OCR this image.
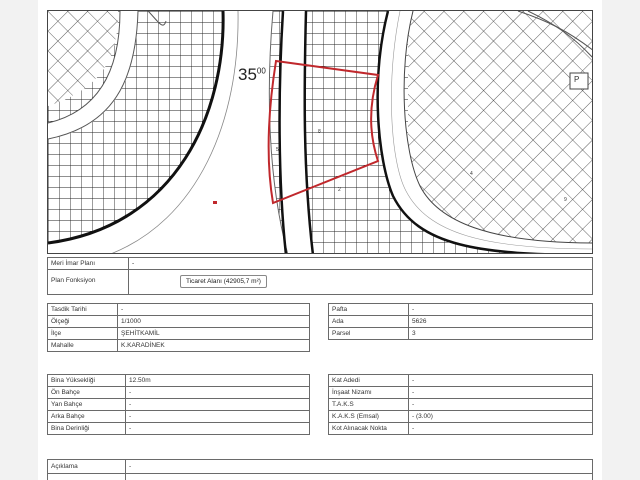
$35^{00}$
P
8
5
2
4
9
Meri İmar Planı	-
Plan Fonksiyon	Ticaret Alanı (42905,7 m²)
Tasdik Tarihi	-
Ölçeği	1/1000
İlçe	ŞEHİTKAMİL
Mahalle	K.KARADİNEK
Pafta	-
Ada	5626
Parsel	3
Bina Yüksekliği	12.50m
Ön Bahçe	-
Yan Bahçe	-
Arka Bahçe	-
Bina Derinliği	-
Kat Adedi	-
İnşaat Nizamı	-
T.A.K.S	-
K.A.K.S (Emsal)	- (3.00)
Kot Alınacak Nokta	-
Açıklama	-
